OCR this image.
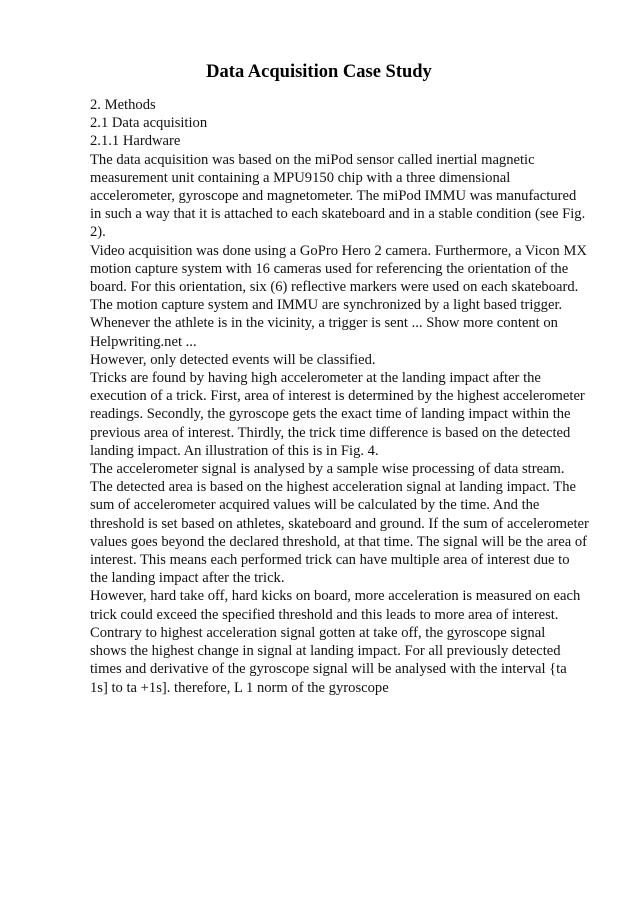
Data Acquisition Case Study
2. Methods
2.1 Data acquisition
2.1.1 Hardware
The data acquisition was based on the miPod sensor called inertial magnetic
measurement unit containing a MPU9150 chip with a three dimensional
accelerometer, gyroscope and magnetometer. The miPod IMMU was manufactured
in such a way that it is attached to each skateboard and in a stable condition (see Fig.
2).
Video acquisition was done using a GoPro Hero 2 camera. Furthermore, a Vicon MX
motion capture system with 16 cameras used for referencing the orientation of the
board. For this orientation, six (6) reflective markers were used on each skateboard.
The motion capture system and IMMU are synchronized by a light based trigger.
Whenever the athlete is in the vicinity, a trigger is sent ... Show more content on
Helpwriting.net ...
However, only detected events will be classified.
Tricks are found by having high accelerometer at the landing impact after the
execution of a trick. First, area of interest is determined by the highest accelerometer
readings. Secondly, the gyroscope gets the exact time of landing impact within the
previous area of interest. Thirdly, the trick time difference is based on the detected
landing impact. An illustration of this is in Fig. 4.
The accelerometer signal is analysed by a sample wise processing of data stream.
The detected area is based on the highest acceleration signal at landing impact. The
sum of accelerometer acquired values will be calculated by the time. And the
threshold is set based on athletes, skateboard and ground. If the sum of accelerometer
values goes beyond the declared threshold, at that time. The signal will be the area of
interest. This means each performed trick can have multiple area of interest due to
the landing impact after the trick.
However, hard take off, hard kicks on board, more acceleration is measured on each
trick could exceed the specified threshold and this leads to more area of interest.
Contrary to highest acceleration signal gotten at take off, the gyroscope signal
shows the highest change in signal at landing impact. For all previously detected
times and derivative of the gyroscope signal will be analysed with the interval {ta
1s] to ta +1s]. therefore, L 1 norm of the gyroscope
